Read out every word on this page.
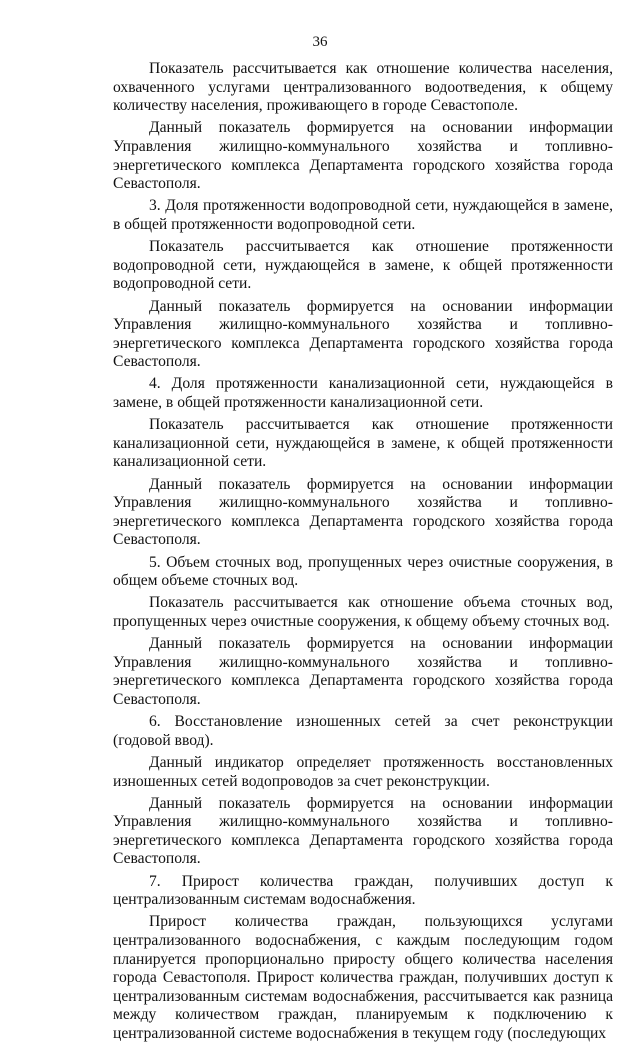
36

Показатель рассчитывается как отношение количества населения, охваченного услугами централизованного водоотведения, к общему количеству населения, проживающего в городе Севастополе.

Данный показатель формируется на основании информации Управления жилищно-коммунального хозяйства и топливно-энергетического комплекса Департамента городского хозяйства города Севастополя.

3. Доля протяженности водопроводной сети, нуждающейся в замене, в общей протяженности водопроводной сети.

Показатель рассчитывается как отношение протяженности водопроводной сети, нуждающейся в замене, к общей протяженности водопроводной сети.

Данный показатель формируется на основании информации Управления жилищно-коммунального хозяйства и топливно-энергетического комплекса Департамента городского хозяйства города Севастополя.

4. Доля протяженности канализационной сети, нуждающейся в замене, в общей протяженности канализационной сети.

Показатель рассчитывается как отношение протяженности канализационной сети, нуждающейся в замене, к общей протяженности канализационной сети.

Данный показатель формируется на основании информации Управления жилищно-коммунального хозяйства и топливно-энергетического комплекса Департамента городского хозяйства города Севастополя.

5. Объем сточных вод, пропущенных через очистные сооружения, в общем объеме сточных вод.

Показатель рассчитывается как отношение объема сточных вод, пропущенных через очистные сооружения, к общему объему сточных вод.

Данный показатель формируется на основании информации Управления жилищно-коммунального хозяйства и топливно-энергетического комплекса Департамента городского хозяйства города Севастополя.

6. Восстановление изношенных сетей за счет реконструкции (годовой ввод).

Данный индикатор определяет протяженность восстановленных изношенных сетей водопроводов за счет реконструкции.

Данный показатель формируется на основании информации Управления жилищно-коммунального хозяйства и топливно-энергетического комплекса Департамента городского хозяйства города Севастополя.

7. Прирост количества граждан, получивших доступ к централизованным системам водоснабжения.

Прирост количества граждан, пользующихся услугами централизованного водоснабжения, с каждым последующим годом планируется пропорционально приросту общего количества населения города Севастополя. Прирост количества граждан, получивших доступ к централизованным системам водоснабжения, рассчитывается как разница между количеством граждан, планируемым к подключению к централизованной системе водоснабжения в текущем году (последующих
